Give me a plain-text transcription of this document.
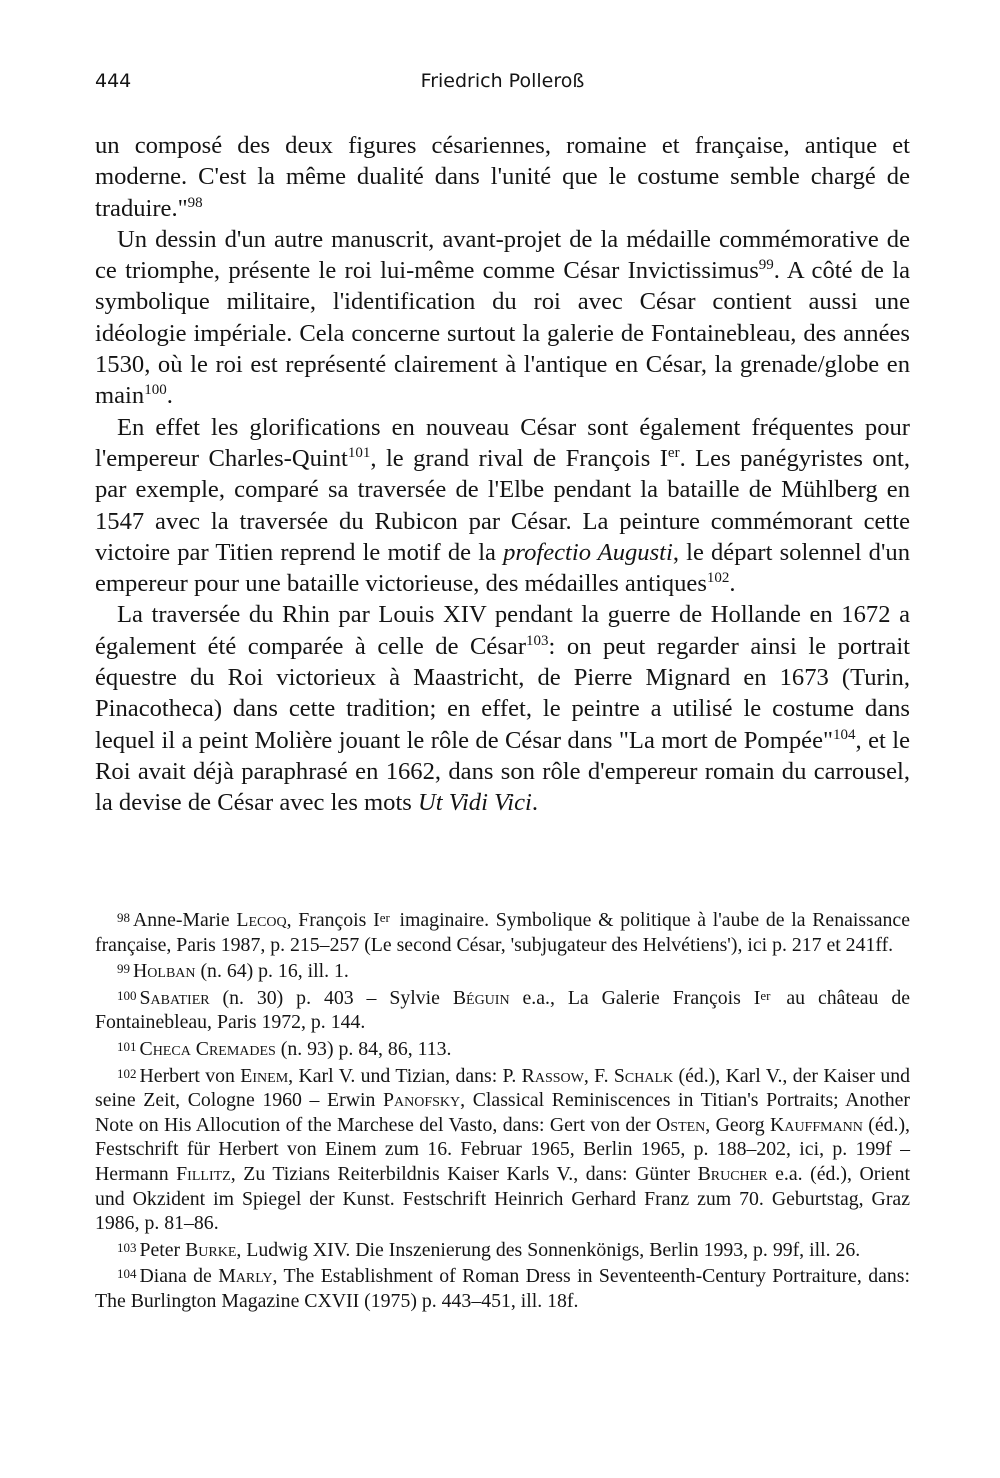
444	Friedrich Polleroß

un composé des deux figures césariennes, romaine et française, antique et moderne. C'est la même dualité dans l'unité que le costume semble chargé de traduire."$^{98}$

Un dessin d'un autre manuscrit, avant-projet de la médaille commémorative de ce triomphe, présente le roi lui-même comme César Invictissimus$^{99}$. A côté de la symbolique militaire, l'identification du roi avec César contient aussi une idéologie impériale. Cela concerne surtout la galerie de Fontainebleau, des années 1530, où le roi est représenté clairement à l'antique en César, la grenade/globe en main$^{100}$.

En effet les glorifications en nouveau César sont également fréquentes pour l'empereur Charles-Quint$^{101}$, le grand rival de François Ier. Les panégyristes ont, par exemple, comparé sa traversée de l'Elbe pendant la bataille de Mühlberg en 1547 avec la traversée du Rubicon par César. La peinture commémorant cette victoire par Titien reprend le motif de la profectio Augusti, le départ solennel d'un empereur pour une bataille victorieuse, des médailles antiques$^{102}$.

La traversée du Rhin par Louis XIV pendant la guerre de Hollande en 1672 a également été comparée à celle de César$^{103}$: on peut regarder ainsi le portrait équestre du Roi victorieux à Maastricht, de Pierre Mignard en 1673 (Turin, Pinacotheca) dans cette tradition; en effet, le peintre a utilisé le costume dans lequel il a peint Molière jouant le rôle de César dans "La mort de Pompée"$^{104}$, et le Roi avait déjà paraphrasé en 1662, dans son rôle d'empereur romain du carrousel, la devise de César avec les mots Ut Vidi Vici.

$^{98}$ Anne-Marie Lecoq, François Ier imaginaire. Symbolique & politique à l'aube de la Renaissance française, Paris 1987, p. 215–257 (Le second César, 'subjugateur des Helvétiens'), ici p. 217 et 241ff.

$^{99}$ Holban (n. 64) p. 16, ill. 1.

$^{100}$ Sabatier (n. 30) p. 403 – Sylvie Béguin e.a., La Galerie François Ier au château de Fontainebleau, Paris 1972, p. 144.

$^{101}$ Checa Cremades (n. 93) p. 84, 86, 113.

$^{102}$ Herbert von Einem, Karl V. und Tizian, dans: P. Rassow, F. Schalk (éd.), Karl V., der Kaiser und seine Zeit, Cologne 1960 – Erwin Panofsky, Classical Reminiscences in Titian's Portraits; Another Note on His Allocution of the Marchese del Vasto, dans: Gert von der Osten, Georg Kauffmann (éd.), Festschrift für Herbert von Einem zum 16. Februar 1965, Berlin 1965, p. 188–202, ici, p. 199f – Hermann Fillitz, Zu Tizians Reiterbildnis Kaiser Karls V., dans: Günter Brucher e.a. (éd.), Orient und Okzident im Spiegel der Kunst. Festschrift Heinrich Gerhard Franz zum 70. Geburtstag, Graz 1986, p. 81–86.

$^{103}$ Peter Burke, Ludwig XIV. Die Inszenierung des Sonnenkönigs, Berlin 1993, p. 99f, ill. 26.

$^{104}$ Diana de Marly, The Establishment of Roman Dress in Seventeenth-Century Portraiture, dans: The Burlington Magazine CXVII (1975) p. 443–451, ill. 18f.
